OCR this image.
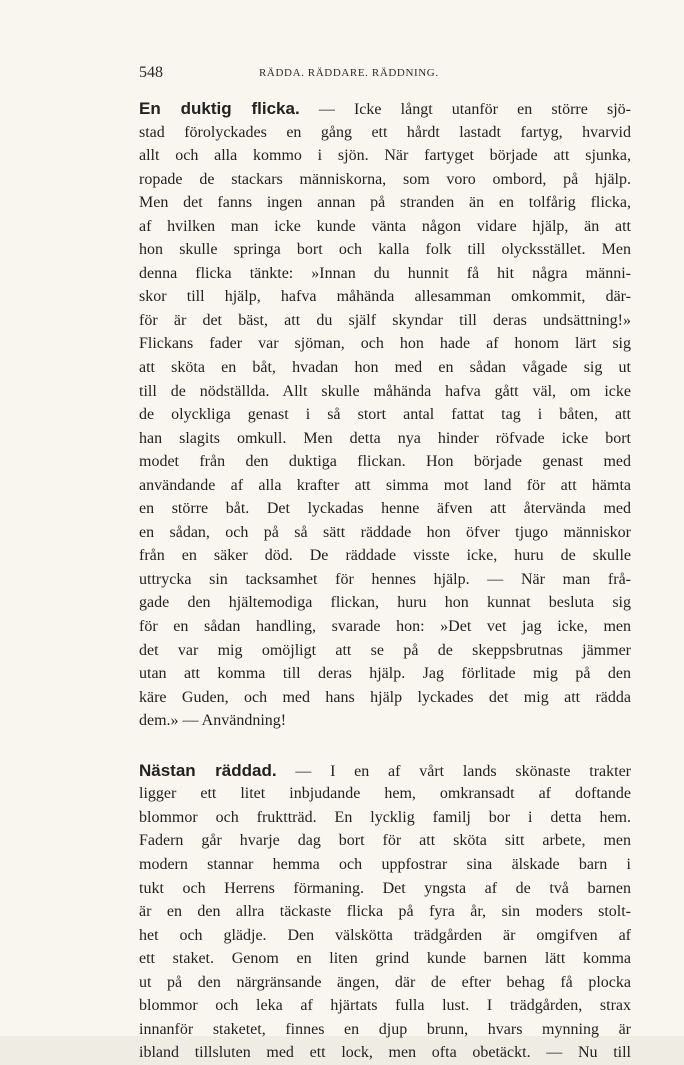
548	RÄDDA. RÄDDARE. RÄDDNING.
En duktig flicka. — Icke långt utanför en större sjö-
stad förolyckades en gång ett hårdt lastadt fartyg, hvarvid
allt och alla kommo i sjön. När fartyget började att sjunka,
ropade de stackars människorna, som voro ombord, på hjälp.
Men det fanns ingen annan på stranden än en tolfårig flicka,
af hvilken man icke kunde vänta någon vidare hjälp, än att
hon skulle springa bort och kalla folk till olycksstället. Men
denna flicka tänkte: »Innan du hunnit få hit några männi-
skor till hjälp, hafva måhända allesamman omkommit, där-
för är det bäst, att du själf skyndar till deras undsättning!»
Flickans fader var sjöman, och hon hade af honom lärt sig
att sköta en båt, hvadan hon med en sådan vågade sig ut
till de nödställda. Allt skulle måhända hafva gått väl, om icke
de olyckliga genast i så stort antal fattat tag i båten, att
han slagits omkull. Men detta nya hinder röfvade icke bort
modet från den duktiga flickan. Hon började genast med
användande af alla krafter att simma mot land för att hämta
en större båt. Det lyckadas henne äfven att återvända med
en sådan, och på så sätt räddade hon öfver tjugo människor
från en säker död. De räddade visste icke, huru de skulle
uttrycka sin tacksamhet för hennes hjälp. — När man frå-
gade den hjältemodiga flickan, huru hon kunnat besluta sig
för en sådan handling, svarade hon: »Det vet jag icke, men
det var mig omöjligt att se på de skeppsbrutnas jämmer
utan att komma till deras hjälp. Jag förlitade mig på den
käre Guden, och med hans hjälp lyckades det mig att rädda
dem.» — Användning!
Nästan räddad. — I en af vårt lands skönaste trakter
ligger ett litet inbjudande hem, omkransadt af doftande
blommor och fruktträd. En lycklig familj bor i detta hem.
Fadern går hvarje dag bort för att sköta sitt arbete, men
modern stannar hemma och uppfostrar sina älskade barn i
tukt och Herrens förmaning. Det yngsta af de två barnen
är en den allra täckaste flicka på fyra år, sin moders stolt-
het och glädje. Den välskötta trädgården är omgifven af
ett staket. Genom en liten grind kunde barnen lätt komma
ut på den närgränsande ängen, där de efter behag få plocka
blommor och leka af hjärtats fulla lust. I trädgården, strax
innanför staketet, finnes en djup brunn, hvars mynning är
ibland tillsluten med ett lock, men ofta obetäckt. — Nu till
